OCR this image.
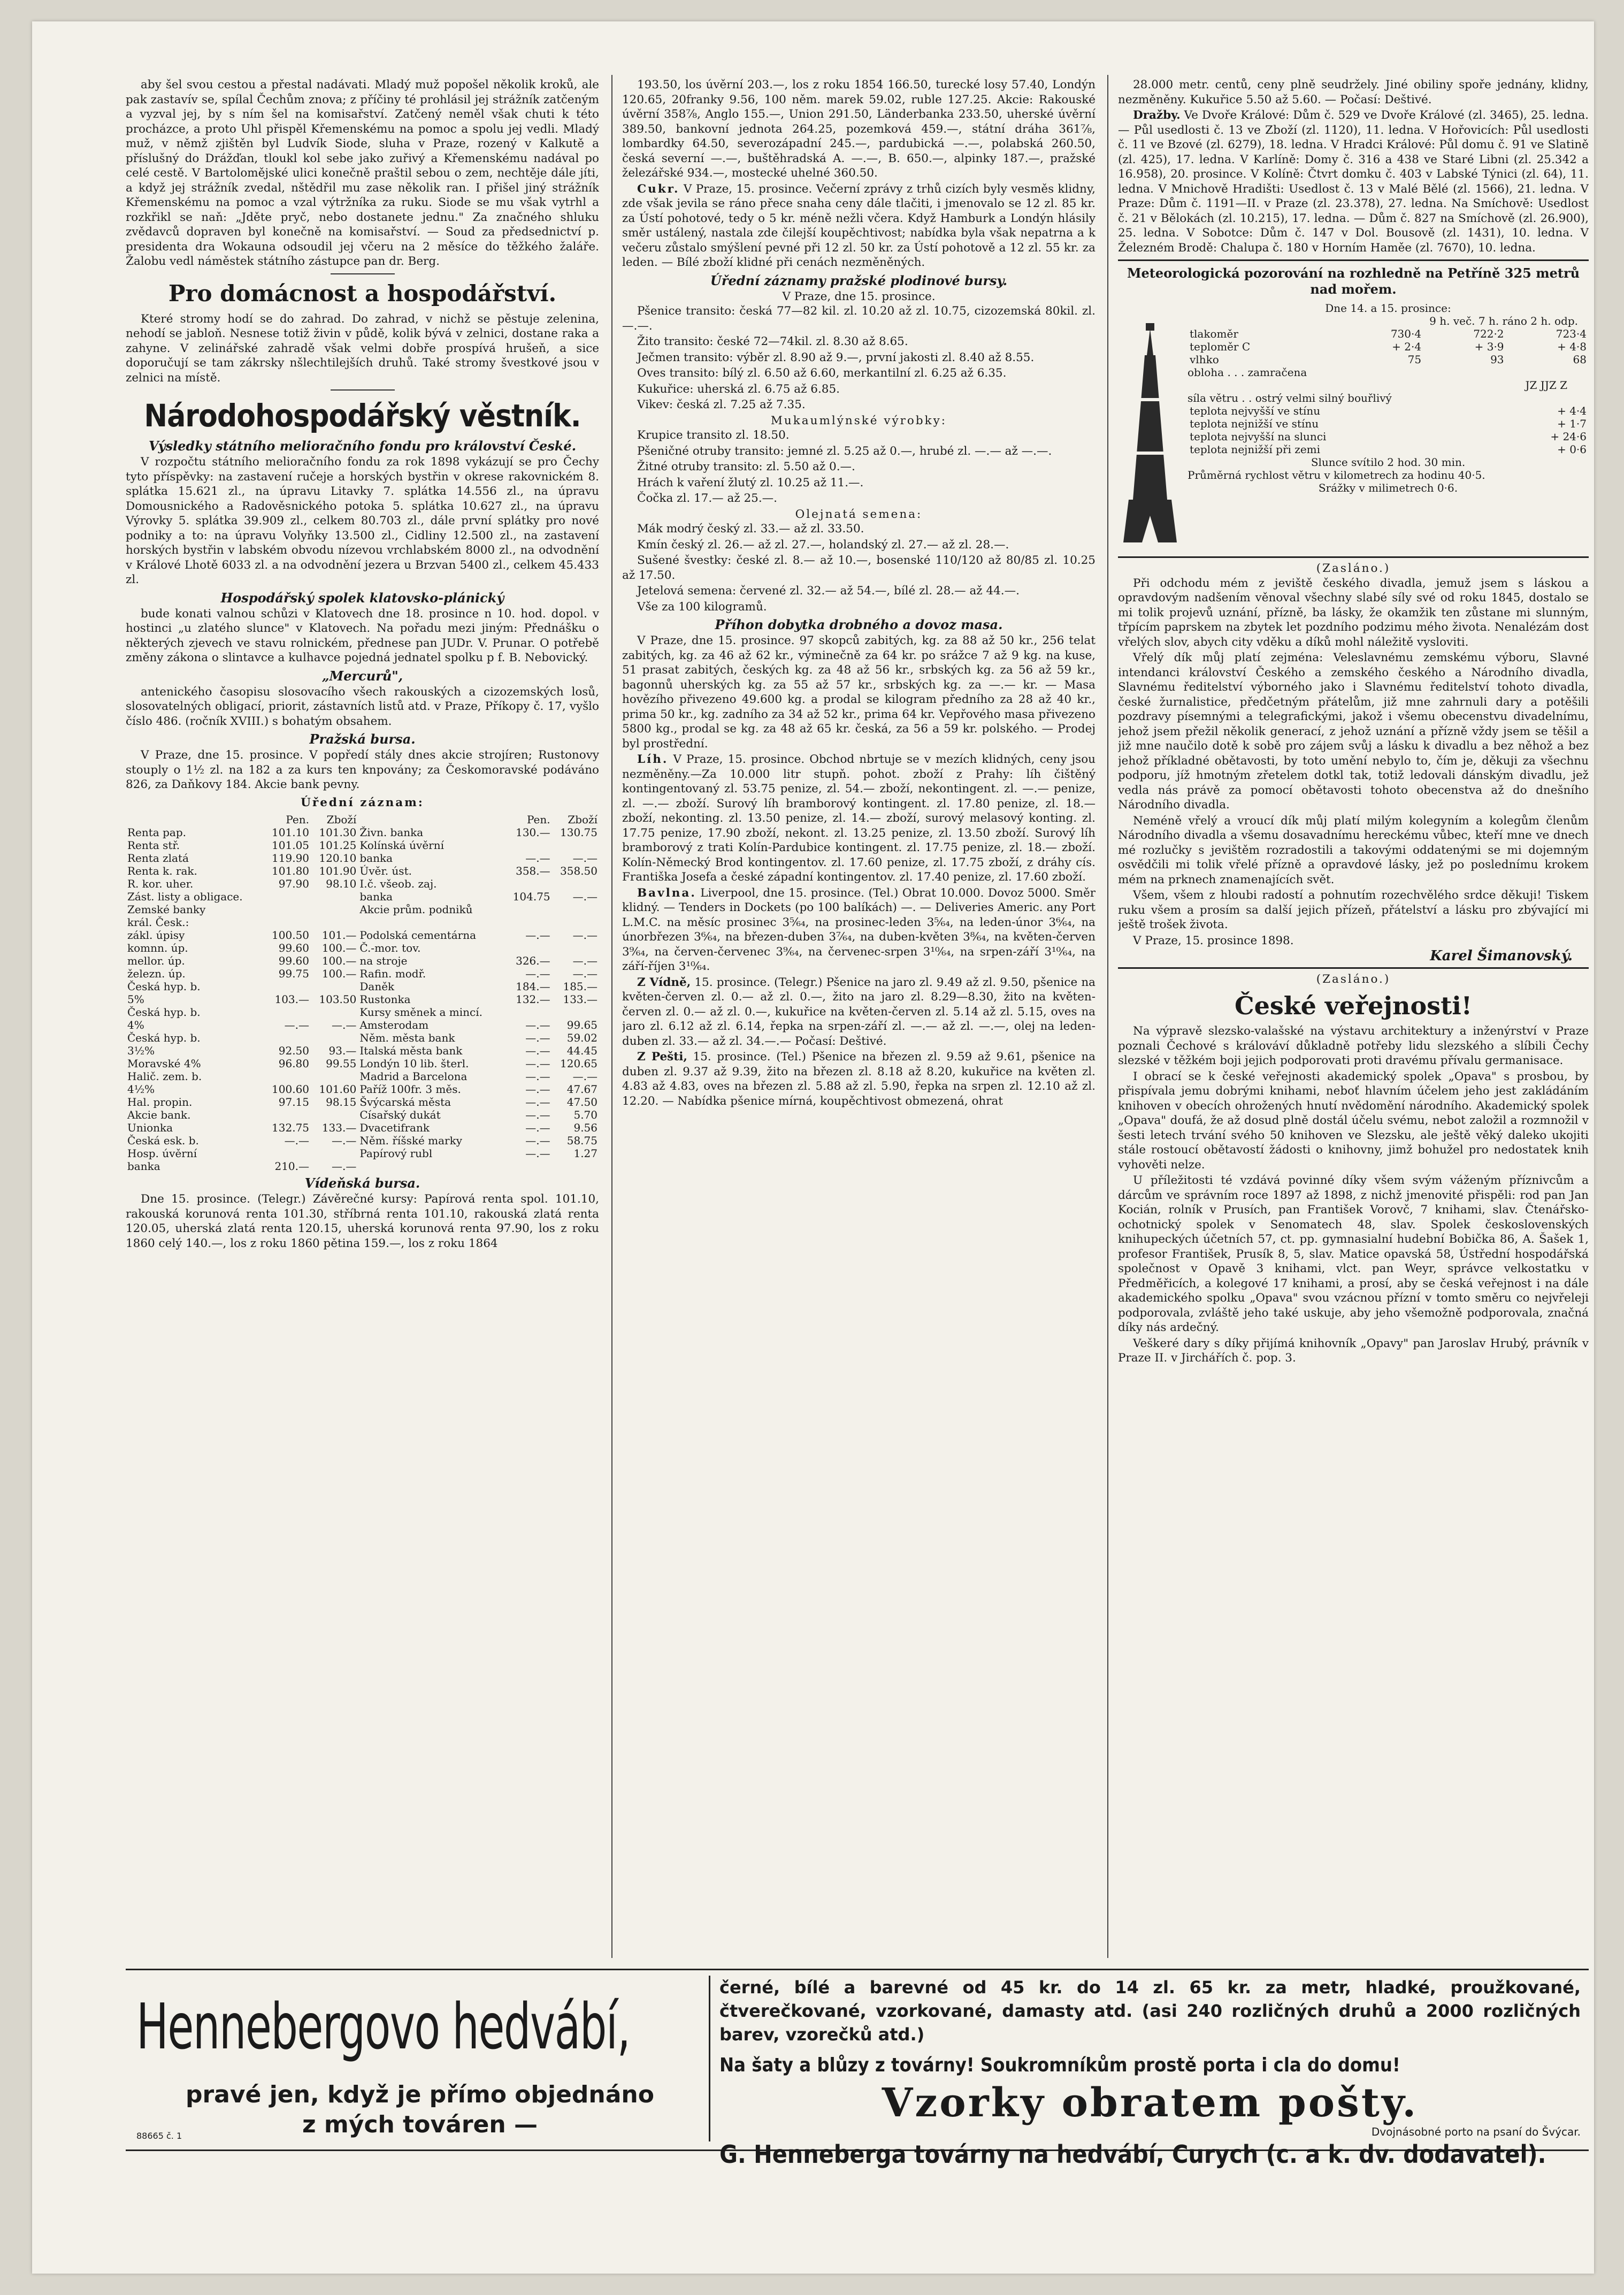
aby šel svou cestou a přestal nadávati. Mladý muž popošel několik kroků, ale pak zastavív se, spílal Čechům znova; z příčiny té prohlásil jej strážník zatčeným a vyzval jej, by s ním šel na komisařství. Zatčený neměl však chuti k této procházce, a proto Uhl přispěl Křemenskému na pomoc a spolu jej vedli. Mladý muž, v němž zjištěn byl Ludvík Siode, sluha v Praze, rozený v Kalkutě a příslušný do Drážďan, tloukl kol sebe jako zuřivý a Křemenskému nadával po celé cestě. V Bartolomějské ulici konečně praštil sebou o zem, nechtěje dále jíti, a když jej strážník zvedal, nštědřil mu zase několik ran. I přišel jiný strážník Křemenskému na pomoc a vzal výtržníka za ruku. Siode se mu však vytrhl a rozkřikl se naň: „Jděte pryč, nebo dostanete jednu." Za značného shluku zvědavců dopraven byl konečně na komisařství. — Soud za předsednictví p. presidenta dra Wokauna odsoudil jej včeru na 2 měsíce do těžkého žaláře. Žalobu vedl náměstek státního zástupce pan dr. Berg.

Pro domácnost a hospodářství.

Které stromy hodí se do zahrad. Do zahrad, v nichž se pěstuje zelenina, nehodí se jabloň. Nesnese totiž živin v půdě, kolik bývá v zelnici, dostane raka a zahyne. V zelinářské zahradě však velmi dobře prospívá hrušeň, a sice doporučují se tam zákrsky nšlechtilejších druhů. Také stromy švestkové jsou v zelnici na místě.

Národohospodářský věstník.
Výsledky státního melioračního fondu pro království České.

V rozpočtu státního melioračního fondu za rok 1898 vykázují se pro Čechy tyto příspěvky: na zastavení ručeje a horských bystřin v okrese rakovnickém 8. splátka 15.621 zl., na úpravu Litavky 7. splátka 14.556 zl., na úpravu Domousnického a Radověsnického potoka 5. splátka 10.627 zl., na úpravu Výrovky 5. splátka 39.909 zl., celkem 80.703 zl., dále první splátky pro nové podniky a to: na úpravu Volyňky 13.500 zl., Cidliny 12.500 zl., na zastavení horských bystřin v labském obvodu nízevou vrchlabském 8000 zl., na odvodnění v Králové Lhotě 6033 zl. a na odvodnění jezera u Brzvan 5400 zl., celkem 45.433 zl.

Hospodářský spolek klatovsko-plánický

bude konati valnou schůzi v Klatovech dne 18. prosince n 10. hod. dopol. v hostinci „u zlatého slunce" v Klatovech. Na pořadu mezi jiným: Přednášku o některých zjevech ve stavu rolnickém, přednese pan JUDr. V. Prunar. O potřebě změny zákona o slintavce a kulhavce pojedná jednatel spolku p f. B. Nebovický.

„Mercurů",

antenického časopisu slosovacího všech rakouských a cizozemských losů, slosovatelných obligací, priorit, zástavních listů atd. v Praze, Příkopy č. 17, vyšlo číslo 486. (ročník XVIII.) s bohatým obsahem.

Pražská bursa.

V Praze, dne 15. prosince. V popředí stály dnes akcie strojíren; Rustonovy stouply o 1½ zl. na 182 a za kurs ten knpovány; za Českomoravské podáváno 826, za Daňkovy 184. Akcie bank pevny.

Úřední záznam:
	Pen.	Zboží		Pen.	Zboží
Renta pap.	101.10	101.30	Živn. banka	130.—	130.75
Renta stř.	101.05	101.25	Kolínská úvěrní		
Renta zlatá	119.90	120.10	banka	—.—	—.—
Renta k. rak.	101.80	101.90	Úvěr. úst.	358.—	358.50
R. kor. uher.	97.90	98.10	I.č. všeob. zaj.		
Zást. listy a obligace.			banka	104.75	—.—
Zemské banky			Akcie prům. podniků		
král. Česk.:					
zákl. úpisy	100.50	101.—	Podolská cementárna	—.—	—.—
komnn. úp.	99.60	100.—	Č.-mor. tov.		
mellor. úp.	99.60	100.—	na stroje	326.—	—.—
železn. úp.	99.75	100.—	Rafin. modř.	—.—	—.—
Česká hyp. b.			Daněk	184.—	185.—
5%	103.—	103.50	Rustonka	132.—	133.—
Česká hyp. b.			Kursy směnek a mincí.		
4%	—.—	—.—	Amsterodam	—.—	99.65
Česká hyp. b.			Něm. města bank	—.—	59.02
3½%	92.50	93.—	Italská města bank	—.—	44.45
Moravské 4%	96.80	99.55	Londýn 10 lib. šterl.	—.—	120.65
Halič. zem. b.			Madrid a Barcelona	—.—	—.—
4½%	100.60	101.60	Paříž 100fr. 3 měs.	—.—	47.67
Hal. propin.	97.15	98.15	Švýcarská města	—.—	47.50
Akcie bank.			Císařský dukát	—.—	5.70
Unionka	132.75	133.—	Dvacetifrank	—.—	9.56
Česká esk. b.	—.—	—.—	Něm. říšské marky	—.—	58.75
Hosp. úvěrní			Papírový rubl	—.—	1.27
banka	210.—	—.—			
Vídeňská bursa.

Dne 15. prosince. (Telegr.) Závěrečné kursy: Papírová renta spol. 101.10, rakouská korunová renta 101.30, stříbrná renta 101.10, rakouská zlatá renta 120.05, uherská zlatá renta 120.15, uherská korunová renta 97.90, los z roku 1860 celý 140.—, los z roku 1860 pětina 159.—, los z roku 1864

193.50, los úvěrní 203.—, los z roku 1854 166.50, turecké losy 57.40, Londýn 120.65, 20franky 9.56, 100 něm. marek 59.02, ruble 127.25. Akcie: Rakouské úvěrní 358⅞, Anglo 155.—, Union 291.50, Länderbanka 233.50, uherské úvěrní 389.50, bankovní jednota 264.25, pozemková 459.—, státní dráha 361⅞, lombardky 64.50, severozápadní 245.—, pardubická —.—, polabská 260.50, česká severní —.—, buštěhradská A. —.—, B. 650.—, alpinky 187.—, pražské železářské 934.—, mostecké uhelné 360.50.

Cukr. V Praze, 15. prosince. Večerní zprávy z trhů cizích byly vesměs klidny, zde však jevila se ráno přece snaha ceny dále tlačiti, i jmenovalo se 12 zl. 85 kr. za Ústí pohotové, tedy o 5 kr. méně nežli včera. Když Hamburk a Londýn hlásily směr ustálený, nastala zde čilejší koupěchtivost; nabídka byla však nepatrna a k večeru zůstalo smýšlení pevné při 12 zl. 50 kr. za Ústí pohotově a 12 zl. 55 kr. za leden. — Bílé zboží klidné při cenách nezměněných.

Úřední záznamy pražské plodinové bursy.
V Praze, dne 15. prosince.

Pšenice transito: česká 77—82 kil. zl. 10.20 až zl. 10.75, cizozemská 80kil. zl. —.—.

Žito transito: české 72—74kil. zl. 8.30 až 8.65.

Ječmen transito: výběr zl. 8.90 až 9.—, první jakosti zl. 8.40 až 8.55.

Oves transito: bílý zl. 6.50 až 6.60, merkantilní zl. 6.25 až 6.35.

Kukuřice: uherská zl. 6.75 až 6.85.

Vikev: česká zl. 7.25 až 7.35.

Mukaumlýnské výrobky:

Krupice transito zl. 18.50.

Pšeničné otruby transito: jemné zl. 5.25 až 0.—, hrubé zl. —.— až —.—.

Žitné otruby transito: zl. 5.50 až 0.—.

Hrách k vaření žlutý zl. 10.25 až 11.—.

Čočka zl. 17.— až 25.—.

Olejnatá semena:

Mák modrý český zl. 33.— až zl. 33.50.

Kmín český zl. 26.— až zl. 27.—, holandský zl. 27.— až zl. 28.—.

Sušené švestky: české zl. 8.— až 10.—, bosenské 110/120 až 80/85 zl. 10.25 až 17.50.

Jetelová semena: červené zl. 32.— až 54.—, bílé zl. 28.— až 44.—.

Vše za 100 kilogramů.

Příhon dobytka drobného a dovoz masa.

V Praze, dne 15. prosince. 97 skopců zabitých, kg. za 88 až 50 kr., 256 telat zabitých, kg. za 46 až 62 kr., výminečně za 64 kr. po srážce 7 až 9 kg. na kuse, 51 prasat zabitých, českých kg. za 48 až 56 kr., srbských kg. za 56 až 59 kr., bagonnů uherských kg. za 55 až 57 kr., srbských kg. za —.— kr. — Masa hovězího přivezeno 49.600 kg. a prodal se kilogram předního za 28 až 40 kr., prima 50 kr., kg. zadního za 34 až 52 kr., prima 64 kr. Vepřového masa přivezeno 5800 kg., prodal se kg. za 48 až 65 kr. česká, za 56 a 59 kr. polského. — Prodej byl prostřední.

Líh. V Praze, 15. prosince. Obchod nbrtuje se v mezích klidných, ceny jsou nezměněny.—Za 10.000 litr stupň. pohot. zboží z Prahy: líh čištěný kontingentovaný zl. 53.75 penize, zl. 54.— zboží, nekontingent. zl. —.— penize, zl. —.— zboží. Surový líh bramborový kontingent. zl. 17.80 penize, zl. 18.— zboží, nekonting. zl. 13.50 penize, zl. 14.— zboží, surový melasový konting. zl. 17.75 penize, 17.90 zboží, nekont. zl. 13.25 penize, zl. 13.50 zboží. Surový líh bramborový z trati Kolín-Pardubice kontingent. zl. 17.75 penize, zl. 18.— zboží. Kolín-Německý Brod kontingentov. zl. 17.60 penize, zl. 17.75 zboží, z dráhy cís. Františka Josefa a české západní kontingentov. zl. 17.40 penize, zl. 17.60 zboží.

Bavlna. Liverpool, dne 15. prosince. (Tel.) Obrat 10.000. Dovoz 5000. Směr klidný. — Tenders in Dockets (po 100 balíkách) —. — Deliveries Americ. any Port L.M.C. na měsíc prosinec 3⁵⁄₆₄, na prosinec-leden 3⁵⁄₆₄, na leden-únor 3⁶⁄₆₄, na únorbřezen 3⁶⁄₆₄, na březen-duben 3⁷⁄₆₄, na duben-květen 3⁸⁄₆₄, na květen-červen 3⁹⁄₆₄, na červen-červenec 3⁹⁄₆₄, na červenec-srpen 3¹⁰⁄₆₄, na srpen-září 3¹⁰⁄₆₄, na září-říjen 3¹⁰⁄₆₄.

Z Vídně, 15. prosince. (Telegr.) Pšenice na jaro zl. 9.49 až zl. 9.50, pšenice na květen-červen zl. 0.— až zl. 0.—, žito na jaro zl. 8.29—8.30, žito na květen-červen zl. 0.— až zl. 0.—, kukuřice na květen-červen zl. 5.14 až zl. 5.15, oves na jaro zl. 6.12 až zl. 6.14, řepka na srpen-září zl. —.— až zl. —.—, olej na leden-duben zl. 33.— až zl. 34.—.— Počasí: Deštivé.

Z Pešti, 15. prosince. (Tel.) Pšenice na březen zl. 9.59 až 9.61, pšenice na duben zl. 9.37 až 9.39, žito na březen zl. 8.18 až 8.20, kukuřice na květen zl. 4.83 až 4.83, oves na březen zl. 5.88 až zl. 5.90, řepka na srpen zl. 12.10 až zl. 12.20. — Nabídka pšenice mírná, koupěchtivost obmezená, ohrat

28.000 metr. centů, ceny plně seudržely. Jiné obiliny spoře jednány, klidny, nezměněny. Kukuřice 5.50 až 5.60. — Počasí: Deštivé.

Dražby. Ve Dvoře Králové: Dům č. 529 ve Dvoře Králové (zl. 3465), 25. ledna. — Půl usedlosti č. 13 ve Zboží (zl. 1120), 11. ledna. V Hořovicích: Půl usedlosti č. 11 ve Bzové (zl. 6279), 18. ledna. V Hradci Králové: Půl domu č. 91 ve Slatině (zl. 425), 17. ledna. V Karlíně: Domy č. 316 a 438 ve Staré Libni (zl. 25.342 a 16.958), 20. prosince. V Kolíně: Čtvrt domku č. 403 v Labské Týnici (zl. 64), 11. ledna. V Mnichově Hradišti: Usedlost č. 13 v Malé Bělé (zl. 1566), 21. ledna. V Praze: Dům č. 1191—II. v Praze (zl. 23.378), 27. ledna. Na Smíchově: Usedlost č. 21 v Bělokách (zl. 10.215), 17. ledna. — Dům č. 827 na Smíchově (zl. 26.900), 25. ledna. V Sobotce: Dům č. 147 v Dol. Bousově (zl. 1431), 10. ledna. V Železném Brodě: Chalupa č. 180 v Horním Haměe (zl. 7670), 10. ledna.

Meteorologická pozorování na rozhledně na Petříně 325 metrů nad mořem.
Dne 14. a 15. prosince:
9 h. več. 7 h. ráno 2 h. odp.
tlakoměr	730·4	722·2	723·4
teploměr C	+ 2·4	+ 3·9	+ 4·8
vlhko	75	93	68
obloha . . . zamračena
JZ JJZ Z
síla větru . . ostrý velmi silný bouřlivý
teplota nejvyšší ve stínu	+ 4·4
teplota nejnižší ve stínu	+ 1·7
teplota nejvyšší na slunci	+ 24·6
teplota nejnižší při zemi	+ 0·6
Slunce svítilo 2 hod. 30 min.
Průměrná rychlost větru v kilometrech za hodinu 40·5.
Srážky v milimetrech 0·6.
(Zasláno.)

Při odchodu mém z jeviště českého divadla, jemuž jsem s láskou a opravdovým nadšením věnoval všechny slabé síly své od roku 1845, dostalo se mi tolik projevů uznání, přízně, ba lásky, že okamžik ten zůstane mi slunným, třpícím paprskem na zbytek let pozdního podzimu mého života. Nenalézám dost vřelých slov, abych city vděku a díků mohl náležitě vysloviti.

Vřelý dík můj platí zejména: Veleslavnému zemskému výboru, Slavné intendanci království Českého a zemského českého a Národního divadla, Slavnému ředitelství výborného jako i Slavnému ředitelství tohoto divadla, české žurnalistice, předčetným přátelům, již mne zahrnuli dary a potěšili pozdravy písemnými a telegrafickými, jakož i všemu obecenstvu divadelnímu, jehož jsem přežil několik generací, z jehož uznání a přízně vždy jsem se těšil a již mne naučilo dotě k sobě pro zájem svůj a lásku k divadlu a bez něhož a bez jehož příkladné obětavosti, by toto umění nebylo to, čím je, děkuji za všechnu podporu, jíž hmotným zřetelem dotkl tak, totiž ledovali dánským divadlu, jež vedla nás právě za pomocí obětavosti tohoto obecenstva až do dnešního Národního divadla.

Neméně vřelý a vroucí dík můj platí milým kolegyním a kolegům členům Národního divadla a všemu dosavadnímu hereckému vůbec, kteří mne ve dnech mé rozlučky s jevištěm rozradostili a takovými oddatenými se mi dojemným osvědčili mi tolik vřelé přízně a opravdové lásky, jež po poslednímu krokem mém na prknech znamenajících svět.

Všem, všem z hloubi radostí a pohnutím rozechvělého srdce děkuji! Tiskem ruku všem a prosím sa další jejich přízeň, přátelství a lásku pro zbývající mi ještě trošek života.

V Praze, 15. prosince 1898.

Karel Šimanovský.
(Zasláno.)
České veřejnosti!

Na výpravě slezsko-valašské na výstavu architektury a inženýrství v Praze poznali Čechové s králováví důkladně potřeby lidu slezského a slíbili Čechy slezské v těžkém boji jejich podporovati proti dravému přívalu germanisace.

I obrací se k české veřejnosti akademický spolek „Opava" s prosbou, by přispívala jemu dobrými knihami, neboť hlavním účelem jeho jest zakládáním knihoven v obecích ohrožených hnutí nvědomění národního. Akademický spolek „Opava" doufá, že až dosud plně dostál účelu svému, nebot založil a rozmnožil v šesti letech trvání svého 50 knihoven ve Slezsku, ale ještě věký daleko ukojiti stále rostoucí obětavostí žádosti o knihovny, jimž bohužel pro nedostatek knih vyhověti nelze.

U příležitosti té vzdává povinné díky všem svým váženým příznivcům a dárcům ve správním roce 1897 až 1898, z nichž jmenovité přispěli: rod pan Jan Kocián, rolník v Prusích, pan František Vorovč, 7 knihami, slav. Čtenářsko-ochotnický spolek v Senomatech 48, slav. Spolek československých knihupeckých účetních 57, ct. pp. gymnasialní hudební Bobička 86, A. Šašek 1, profesor František, Prusík 8, 5, slav. Matice opavská 58, Ústřední hospodářská společnost v Opavě 3 knihami, vlct. pan Weyr, správce velkostatku v Předměřicích, a kolegové 17 knihami, a prosí, aby se česká veřejnost i na dále akademického spolku „Opava" svou vzácnou přízní v tomto směru co nejvřeleji podporovala, zvláště jeho také uskuje, aby jeho všemožně podporovala, značná díky nás ardečný.

Veškeré dary s díky přijímá knihovník „Opavy" pan Jaroslav Hrubý, právník v Praze II. v Jirchářích č. pop. 3.

Hennebergovo hedvábí,
pravé jen, když je přímo objednáno
z mých továren —
88665 č. 1
černé, bílé a barevné od 45 kr. do 14 zl. 65 kr. za metr, hladké, proužkované, čtverečkované, vzorkované, damasty atd. (asi 240 rozličných druhů a 2000 rozličných barev, vzorečků atd.)
Na šaty a blůzy z továrny! Soukromníkům prostě porta i cla do domu!
Vzorky obratem pošty.
Dvojnásobné porto na psaní do Švýcar.
G. Henneberga továrny na hedvábí, Curych (c. a k. dv. dodavatel).
